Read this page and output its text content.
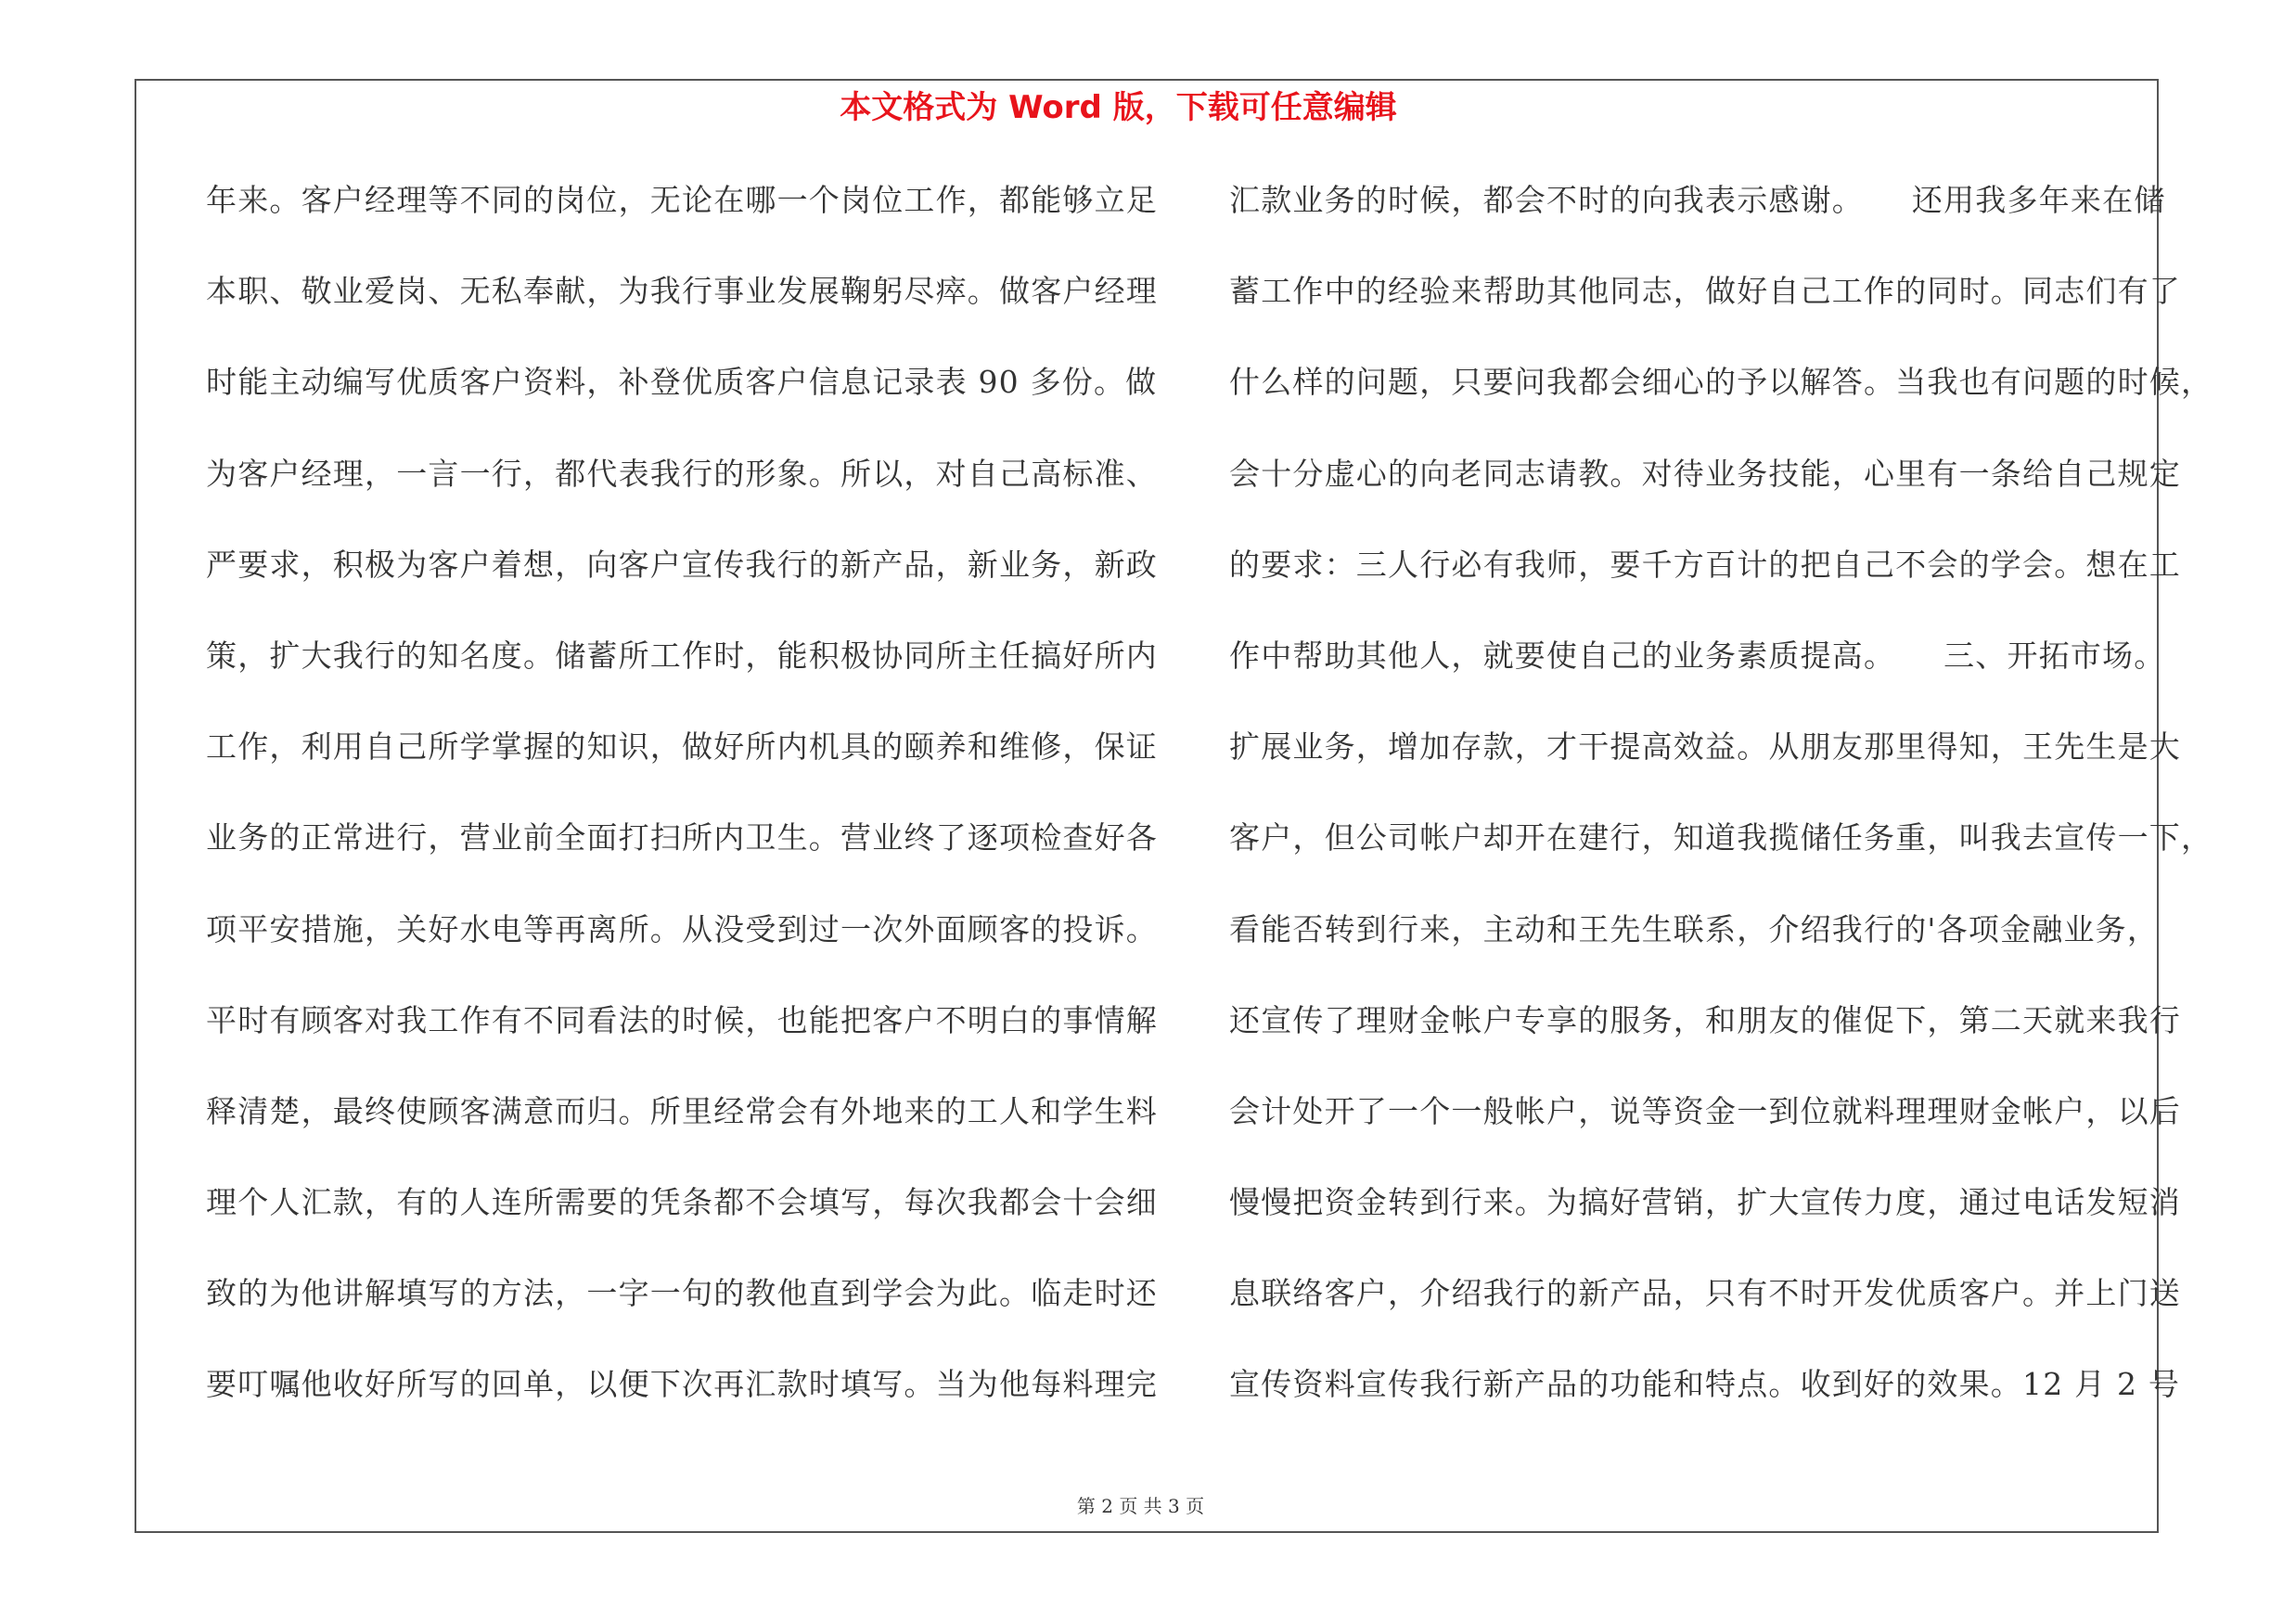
本文格式为 Word 版，下载可任意编辑
年来。客户经理等不同的岗位，无论在哪一个岗位工作，都能够立足
本职、敬业爱岗、无私奉献，为我行事业发展鞠躬尽瘁。做客户经理
时能主动编写优质客户资料，补登优质客户信息记录表 90 多份。做
为客户经理，一言一行，都代表我行的形象。所以，对自己高标准、
严要求，积极为客户着想，向客户宣传我行的新产品，新业务，新政
策，扩大我行的知名度。储蓄所工作时，能积极协同所主任搞好所内
工作，利用自己所学掌握的知识，做好所内机具的颐养和维修，保证
业务的正常进行，营业前全面打扫所内卫生。营业终了逐项检查好各
项平安措施，关好水电等再离所。从没受到过一次外面顾客的投诉。
平时有顾客对我工作有不同看法的时候，也能把客户不明白的事情解
释清楚，最终使顾客满意而归。所里经常会有外地来的工人和学生料
理个人汇款，有的人连所需要的凭条都不会填写，每次我都会十会细
致的为他讲解填写的方法，一字一句的教他直到学会为此。临走时还
要叮嘱他收好所写的回单，以便下次再汇款时填写。当为他每料理完
汇款业务的时候，都会不时的向我表示感谢。　　还用我多年来在储
蓄工作中的经验来帮助其他同志，做好自己工作的同时。同志们有了
什么样的问题，只要问我都会细心的予以解答。当我也有问题的时候，
会十分虚心的向老同志请教。对待业务技能，心里有一条给自己规定
的要求：三人行必有我师，要千方百计的把自己不会的学会。想在工
作中帮助其他人，就要使自己的业务素质提高。　　三、开拓市场。
扩展业务，增加存款，才干提高效益。从朋友那里得知，王先生是大
客户，但公司帐户却开在建行，知道我揽储任务重，叫我去宣传一下，
看能否转到行来，主动和王先生联系，介绍我行的'各项金融业务，
还宣传了理财金帐户专享的服务，和朋友的催促下，第二天就来我行
会计处开了一个一般帐户，说等资金一到位就料理理财金帐户，以后
慢慢把资金转到行来。为搞好营销，扩大宣传力度，通过电话发短消
息联络客户，介绍我行的新产品，只有不时开发优质客户。并上门送
宣传资料宣传我行新产品的功能和特点。收到好的效果。12 月 2 号
第 2 页 共 3 页
